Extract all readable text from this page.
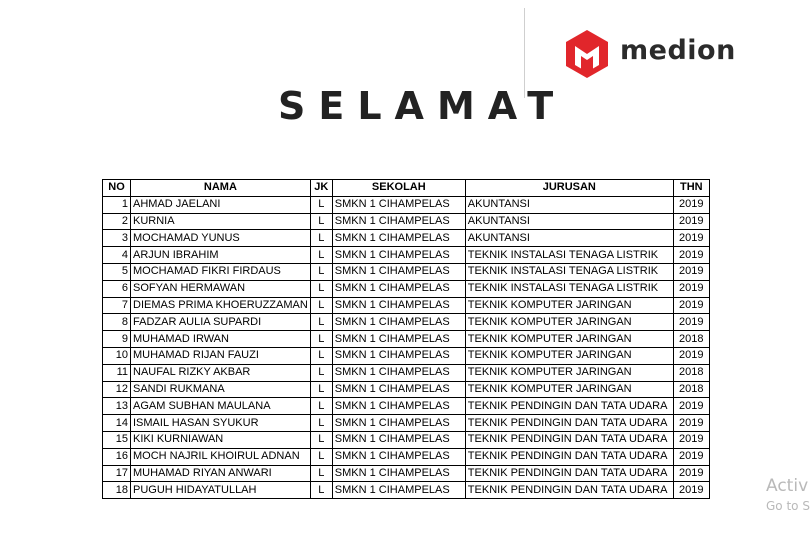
medion
SELAMAT
NO	NAMA	JK	SEKOLAH	JURUSAN	THN
1	AHMAD JAELANI	L	SMKN 1 CIHAMPELAS	AKUNTANSI	2019
2	KURNIA	L	SMKN 1 CIHAMPELAS	AKUNTANSI	2019
3	MOCHAMAD YUNUS	L	SMKN 1 CIHAMPELAS	AKUNTANSI	2019
4	ARJUN IBRAHIM	L	SMKN 1 CIHAMPELAS	TEKNIK INSTALASI TENAGA LISTRIK	2019
5	MOCHAMAD FIKRI FIRDAUS	L	SMKN 1 CIHAMPELAS	TEKNIK INSTALASI TENAGA LISTRIK	2019
6	SOFYAN HERMAWAN	L	SMKN 1 CIHAMPELAS	TEKNIK INSTALASI TENAGA LISTRIK	2019
7	DIEMAS PRIMA KHOERUZZAMAN	L	SMKN 1 CIHAMPELAS	TEKNIK KOMPUTER JARINGAN	2019
8	FADZAR AULIA SUPARDI	L	SMKN 1 CIHAMPELAS	TEKNIK KOMPUTER JARINGAN	2019
9	MUHAMAD IRWAN	L	SMKN 1 CIHAMPELAS	TEKNIK KOMPUTER JARINGAN	2018
10	MUHAMAD RIJAN FAUZI	L	SMKN 1 CIHAMPELAS	TEKNIK KOMPUTER JARINGAN	2019
11	NAUFAL RIZKY AKBAR	L	SMKN 1 CIHAMPELAS	TEKNIK KOMPUTER JARINGAN	2018
12	SANDI RUKMANA	L	SMKN 1 CIHAMPELAS	TEKNIK KOMPUTER JARINGAN	2018
13	AGAM SUBHAN MAULANA	L	SMKN 1 CIHAMPELAS	TEKNIK PENDINGIN DAN TATA UDARA	2019
14	ISMAIL HASAN SYUKUR	L	SMKN 1 CIHAMPELAS	TEKNIK PENDINGIN DAN TATA UDARA	2019
15	KIKI KURNIAWAN	L	SMKN 1 CIHAMPELAS	TEKNIK PENDINGIN DAN TATA UDARA	2019
16	MOCH NAJRIL KHOIRUL ADNAN	L	SMKN 1 CIHAMPELAS	TEKNIK PENDINGIN DAN TATA UDARA	2019
17	MUHAMAD RIYAN ANWARI	L	SMKN 1 CIHAMPELAS	TEKNIK PENDINGIN DAN TATA UDARA	2019
18	PUGUH HIDAYATULLAH	L	SMKN 1 CIHAMPELAS	TEKNIK PENDINGIN DAN TATA UDARA	2019	Activ
Go to S
